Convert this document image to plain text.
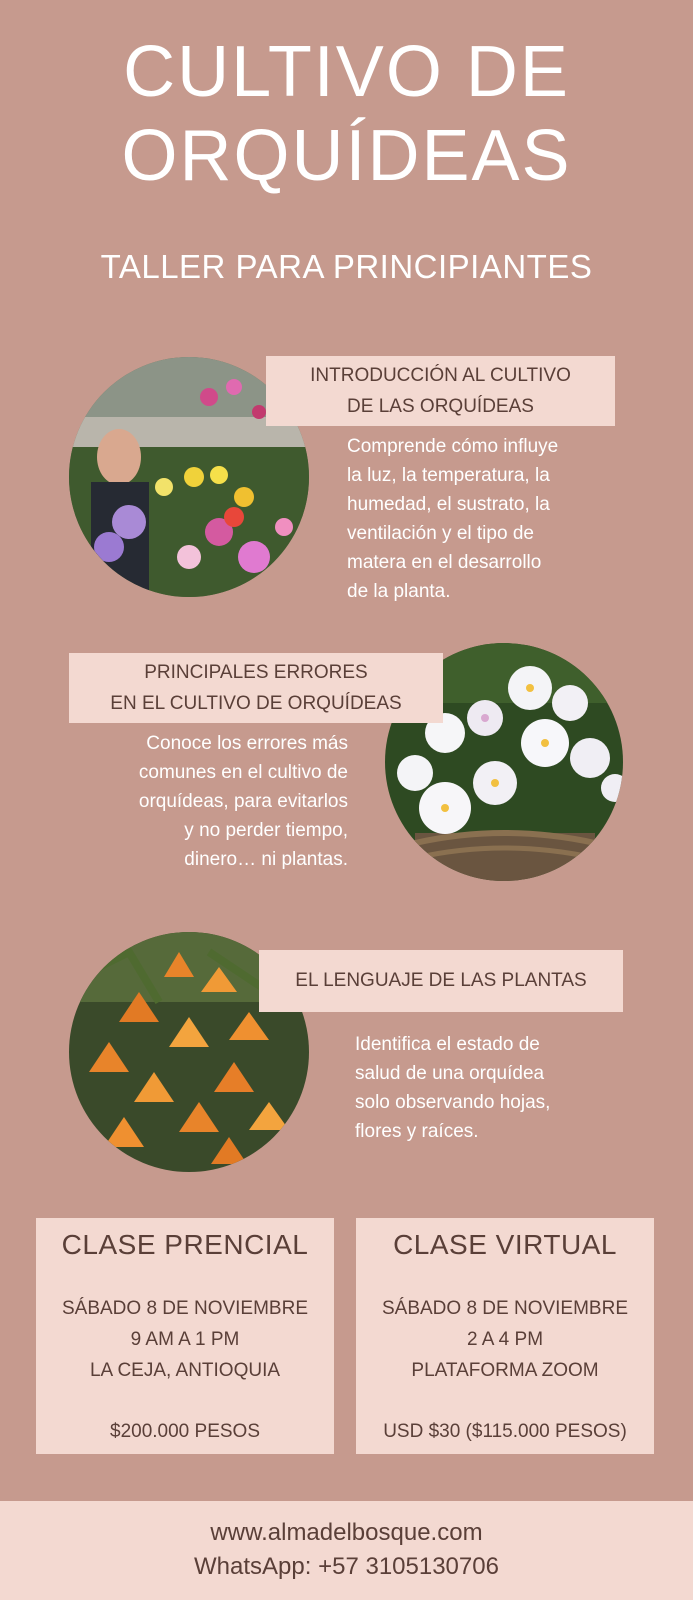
CULTIVO DE
ORQUÍDEAS
TALLER PARA PRINCIPIANTES
INTRODUCCIÓN AL CULTIVO
DE LAS ORQUÍDEAS
Comprende cómo influye
la luz, la temperatura, la
humedad, el sustrato, la
ventilación y el tipo de
matera en el desarrollo
de la planta.
PRINCIPALES ERRORES
EN EL CULTIVO DE ORQUÍDEAS
Conoce los errores más
comunes en el cultivo de
orquídeas, para evitarlos
y no perder tiempo,
dinero… ni plantas.
EL LENGUAJE DE LAS PLANTAS
Identifica el estado de
salud de una orquídea
solo observando hojas,
flores y raíces.
CLASE PRENCIAL
SÁBADO 8 DE NOVIEMBRE
9 AM A 1 PM
LA CEJA, ANTIOQUIA
$200.000 PESOS
CLASE VIRTUAL
SÁBADO 8 DE NOVIEMBRE
2 A 4 PM
PLATAFORMA ZOOM
USD $30 ($115.000 PESOS)
www.almadelbosque.com
WhatsApp: +57 3105130706
